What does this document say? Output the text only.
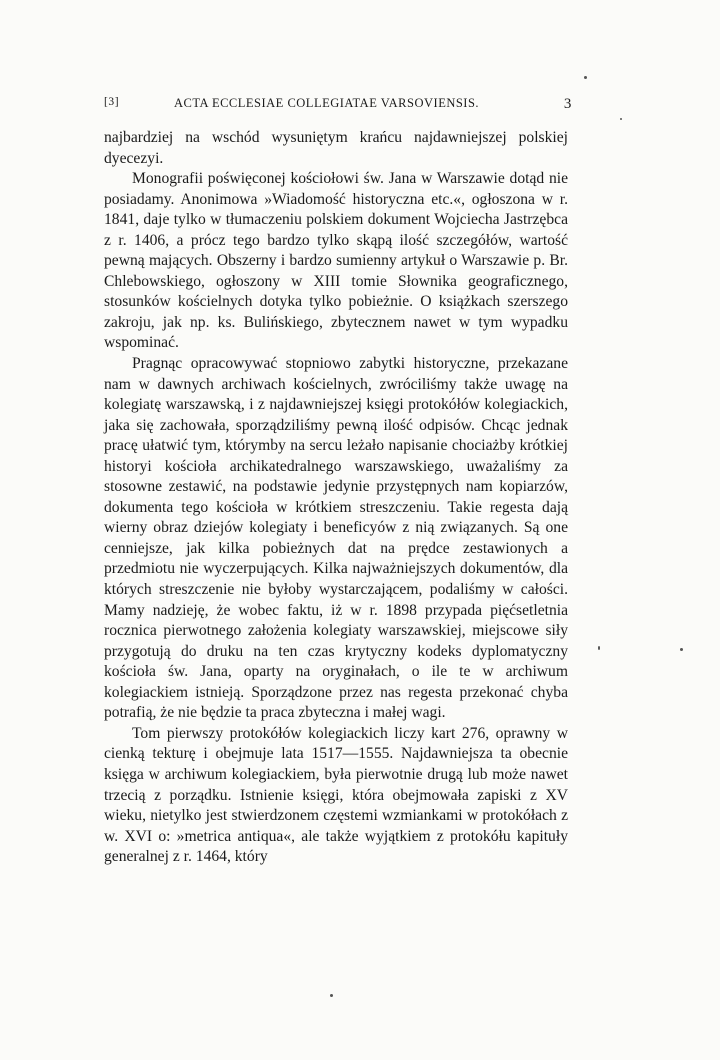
[3]	ACTA ECCLESIAE COLLEGIATAE VARSOVIENSIS.	3

najbardziej na wschód wysuniętym krańcu najdawniejszej polskiej dyecezyi.

Monografii poświęconej kościołowi św. Jana w Warszawie dotąd nie posiadamy. Anonimowa »Wiadomość historyczna etc.«, ogłoszona w r. 1841, daje tylko w tłumaczeniu polskiem dokument Wojciecha Jastrzębca z r. 1406, a prócz tego bardzo tylko skąpą ilość szczegółów, wartość pewną mających. Obszerny i bardzo sumienny artykuł o Warszawie p. Br. Chlebowskiego, ogłoszony w XIII tomie Słownika geograficznego, stosunków kościelnych dotyka tylko pobieżnie. O książkach szerszego zakroju, jak np. ks. Bulińskiego, zbytecznem nawet w tym wypadku wspominać.

Pragnąc opracowywać stopniowo zabytki historyczne, przekazane nam w dawnych archiwach kościelnych, zwróciliśmy także uwagę na kolegiatę warszawską, i z najdawniejszej księgi protokółów kolegiackich, jaka się zachowała, sporządziliśmy pewną ilość odpisów. Chcąc jednak pracę ułatwić tym, którymby na sercu leżało napisanie chociażby krótkiej historyi kościoła archikatedralnego warszawskiego, uważaliśmy za stosowne zestawić, na podstawie jedynie przystępnych nam kopiarzów, dokumenta tego kościoła w krótkiem streszczeniu. Takie regesta dają wierny obraz dziejów kolegiaty i beneficyów z nią związanych. Są one cenniejsze, jak kilka pobieżnych dat na prędce zestawionych a przedmiotu nie wyczerpujących. Kilka najważniejszych dokumentów, dla których streszczenie nie byłoby wystarczającem, podaliśmy w całości. Mamy nadzieję, że wobec faktu, iż w r. 1898 przypada pięćsetletnia rocznica pierwotnego założenia kolegiaty warszawskiej, miejscowe siły przygotują do druku na ten czas krytyczny kodeks dyplomatyczny kościoła św. Jana, oparty na oryginałach, o ile te w archiwum kolegiackiem istnieją. Sporządzone przez nas regesta przekonać chyba potrafią, że nie będzie ta praca zbyteczna i małej wagi.

Tom pierwszy protokółów kolegiackich liczy kart 276, oprawny w cienką tekturę i obejmuje lata 1517—1555. Najdawniejsza ta obecnie księga w archiwum kolegiackiem, była pierwotnie drugą lub może nawet trzecią z porządku. Istnienie księgi, która obejmowała zapiski z XV wieku, nietylko jest stwierdzonem częstemi wzmiankami w protokółach z w. XVI o: »metrica antiqua«, ale także wyjątkiem z protokółu kapituły generalnej z r. 1464, który
